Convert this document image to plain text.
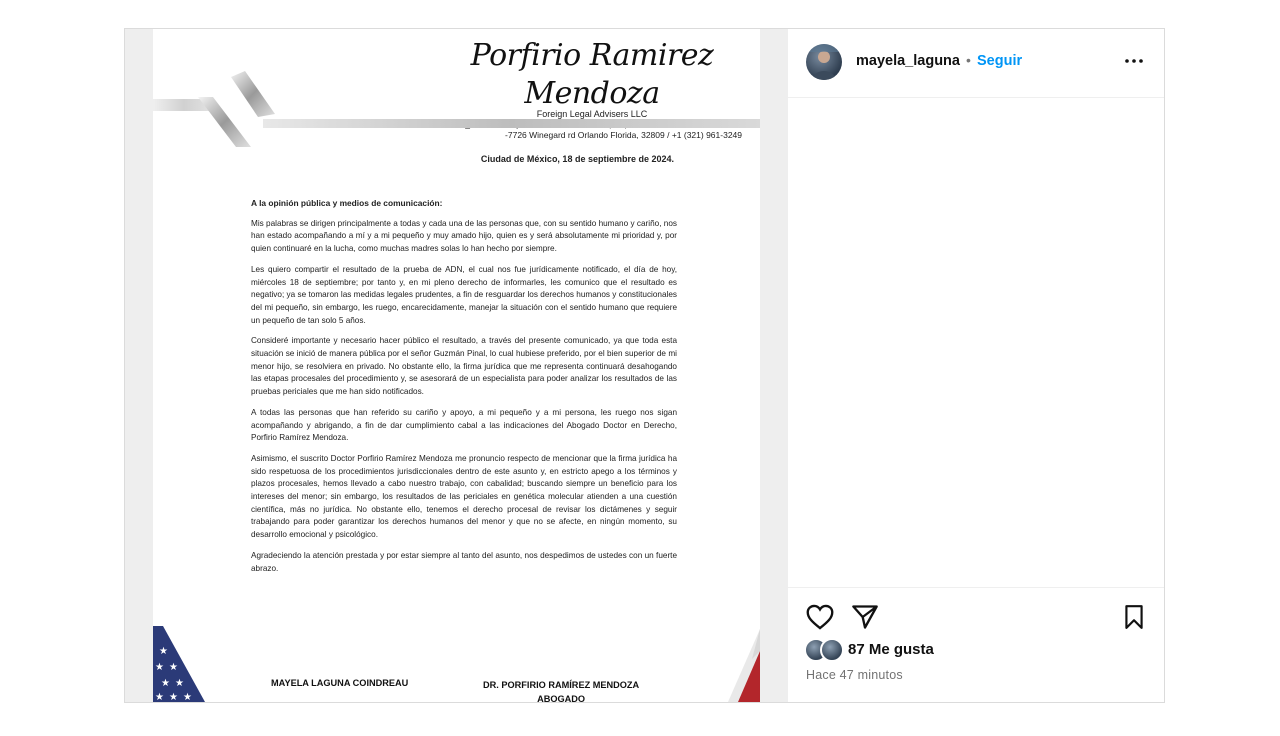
Porfirio Ramirez Mendoza
Foreign Legal Advisers LLC
-7726 Winegard rd Orlando Florida, 32809 / +1 (321) 961-3249
Ciudad de México, 18 de septiembre de 2024.

A la opinión pública y medios de comunicación:

Mis palabras se dirigen principalmente a todas y cada una de las personas que, con su sentido humano y cariño, nos han estado acompañando a mí y a mi pequeño y muy amado hijo, quien es y será absolutamente mi prioridad y, por quien continuaré en la lucha, como muchas madres solas lo han hecho por siempre.

Les quiero compartir el resultado de la prueba de ADN, el cual nos fue jurídicamente notificado, el día de hoy, miércoles 18 de septiembre; por tanto y, en mi pleno derecho de informarles, les comunico que el resultado es negativo; ya se tomaron las medidas legales prudentes, a fin de resguardar los derechos humanos y constitucionales del mi pequeño, sin embargo, les ruego, encarecidamente, manejar la situación con el sentido humano que requiere un pequeño de tan solo 5 años.

Consideré importante y necesario hacer público el resultado, a través del presente comunicado, ya que toda esta situación se inició de manera pública por el señor Guzmán Pinal, lo cual hubiese preferido, por el bien superior de mi menor hijo, se resolviera en privado. No obstante ello, la firma jurídica que me representa continuará desahogando las etapas procesales del procedimiento y, se asesorará de un especialista para poder analizar los resultados de las pruebas periciales que me han sido notificados.

A todas las personas que han referido su cariño y apoyo, a mi pequeño y a mi persona, les ruego nos sigan acompañando y abrigando, a fin de dar cumplimiento cabal a las indicaciones del Abogado Doctor en Derecho, Porfirio Ramírez Mendoza.

Asimismo, el suscrito Doctor Porfirio Ramírez Mendoza me pronuncio respecto de mencionar que la firma jurídica ha sido respetuosa de los procedimientos jurisdiccionales dentro de este asunto y, en estricto apego a los términos y plazos procesales, hemos llevado a cabo nuestro trabajo, con cabalidad; buscando siempre un beneficio para los intereses del menor; sin embargo, los resultados de las periciales en genética molecular atienden a una cuestión científica, más no jurídica. No obstante ello, tenemos el derecho procesal de revisar los dictámenes y seguir trabajando para poder garantizar los derechos humanos del menor y que no se afecte, en ningún momento, su desarrollo emocional y psicológico.

Agradeciendo la atención prestada y por estar siempre al tanto del asunto, nos despedimos de ustedes con un fuerte abrazo.

★
★ ★
★ ★
★ ★ ★
MAYELA LAGUNA COINDREAU	DR. PORFIRIO RAMÍREZ MENDOZA
ABOGADO
mayela_laguna • Seguir
87 Me gusta
Hace 47 minutos
